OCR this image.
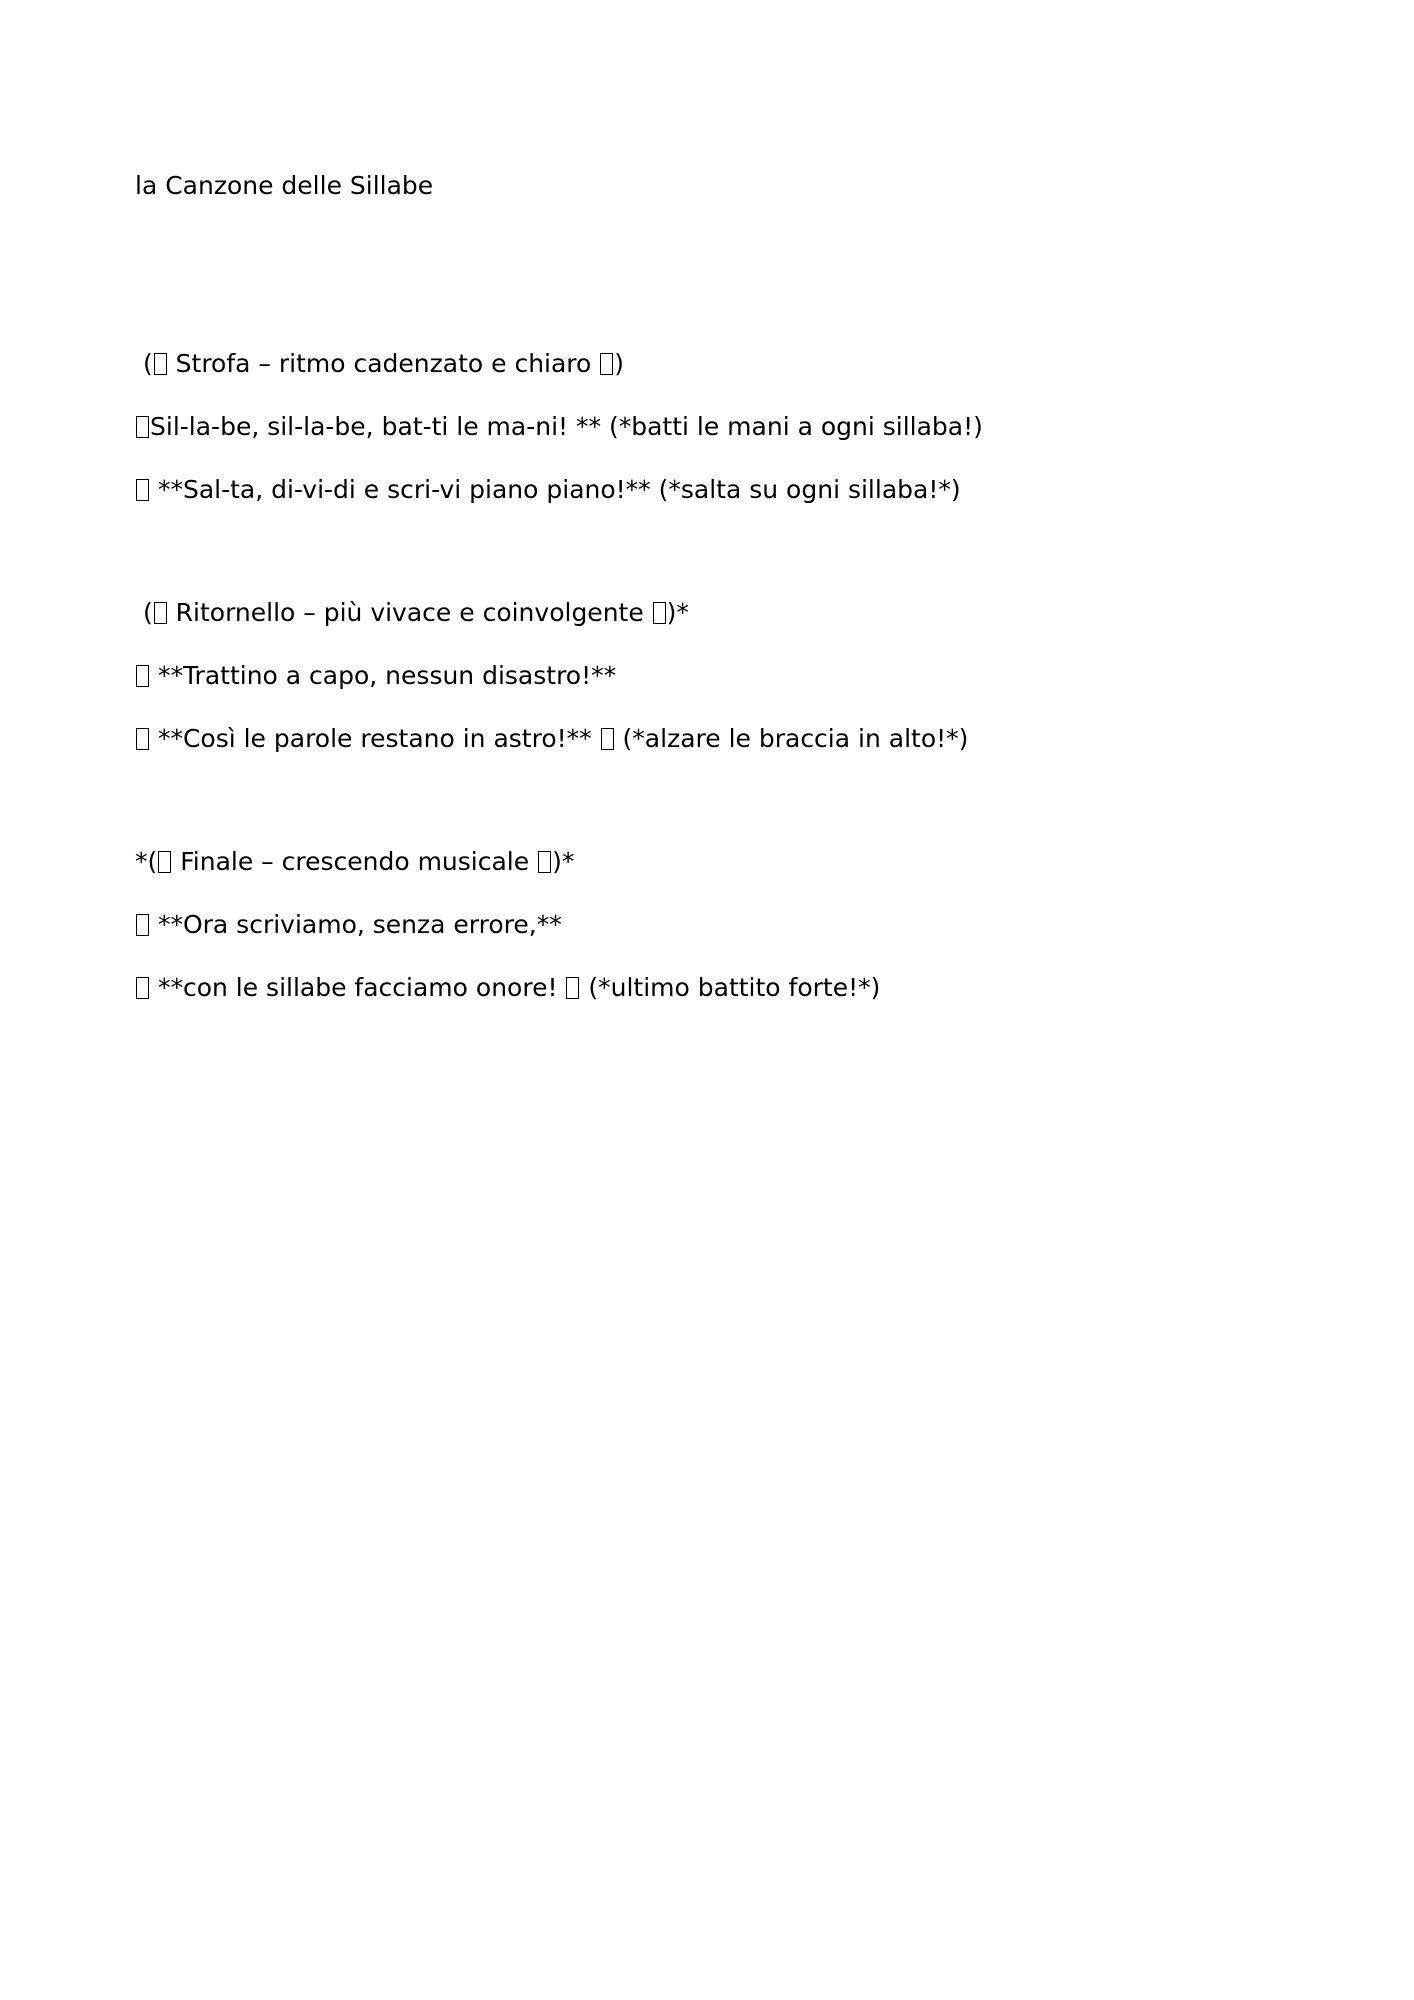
la Canzone delle Sillabe
( Strofa – ritmo cadenzato e chiaro )
Sil-la-be, sil-la-be, bat-ti le ma-ni! ** (*batti le mani a ogni sillaba!)
**Sal-ta, di-vi-di e scri-vi piano piano!** (*salta su ogni sillaba!*)
( Ritornello – più vivace e coinvolgente )*
**Trattino a capo, nessun disastro!**
**Così le parole restano in astro!**  (*alzare le braccia in alto!*)
*( Finale – crescendo musicale )*
**Ora scriviamo, senza errore,**
**con le sillabe facciamo onore!  (*ultimo battito forte!*)
